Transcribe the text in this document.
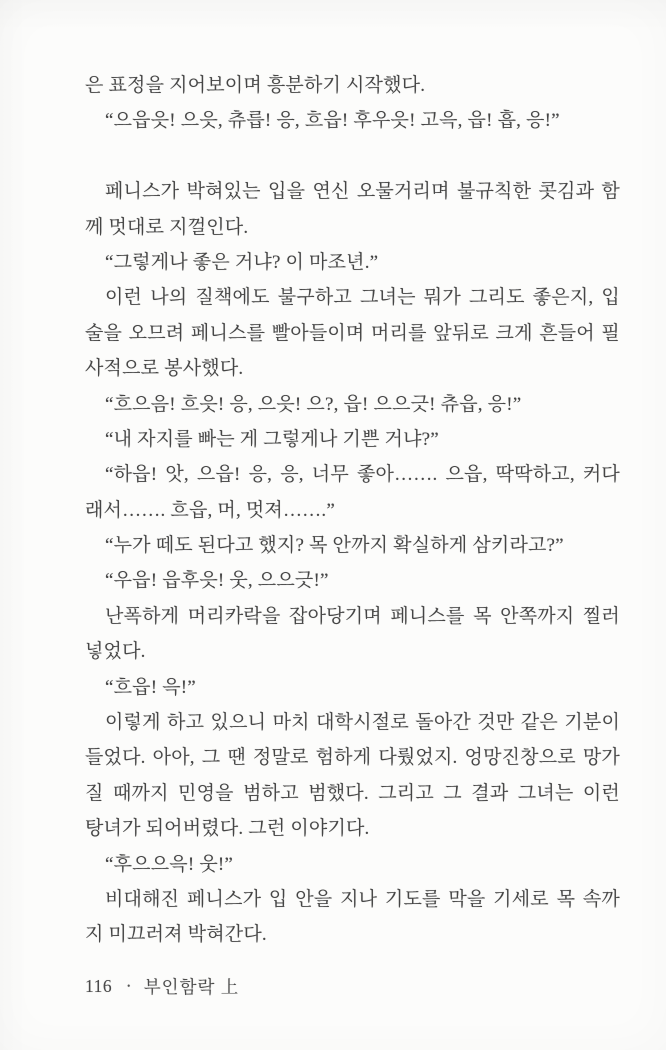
은 표정을 지어보이며 흥분하기 시작했다.
“으읍읏! 으읏, 츄릅! 응, 흐읍! 후우읏! 고윽, 읍! 흡, 응!”
페니스가 박혀있는 입을 연신 오물거리며 불규칙한 콧김과 함
께 멋대로 지껄인다.
“그렇게나 좋은 거냐? 이 마조년.”
이런 나의 질책에도 불구하고 그녀는 뭐가 그리도 좋은지, 입
술을 오므려 페니스를 빨아들이며 머리를 앞뒤로 크게 흔들어 필
사적으로 봉사했다.
“흐으음! 흐읏! 응, 으읏! 으?, 읍! 으으긋! 츄읍, 응!”
“내 자지를 빠는 게 그렇게나 기쁜 거냐?”
“하읍! 앗, 으읍! 응, 응, 너무 좋아……. 으읍, 딱딱하고, 커다
래서……. 흐읍, 머, 멋져…….”
“누가 떼도 된다고 했지? 목 안까지 확실하게 삼키라고?”
“우읍! 읍후읏! 웃, 으으긋!”
난폭하게 머리카락을 잡아당기며 페니스를 목 안쪽까지 찔러
넣었다.
“흐읍! 윽!”
이렇게 하고 있으니 마치 대학시절로 돌아간 것만 같은 기분이
들었다. 아아, 그 땐 정말로 험하게 다뤘었지. 엉망진창으로 망가
질 때까지 민영을 범하고 범했다. 그리고 그 결과 그녀는 이런
탕녀가 되어버렸다. 그런 이야기다.
“후으으윽! 웃!”
비대해진 페니스가 입 안을 지나 기도를 막을 기세로 목 속까
지 미끄러져 박혀간다.
116 • 부인함락 上
